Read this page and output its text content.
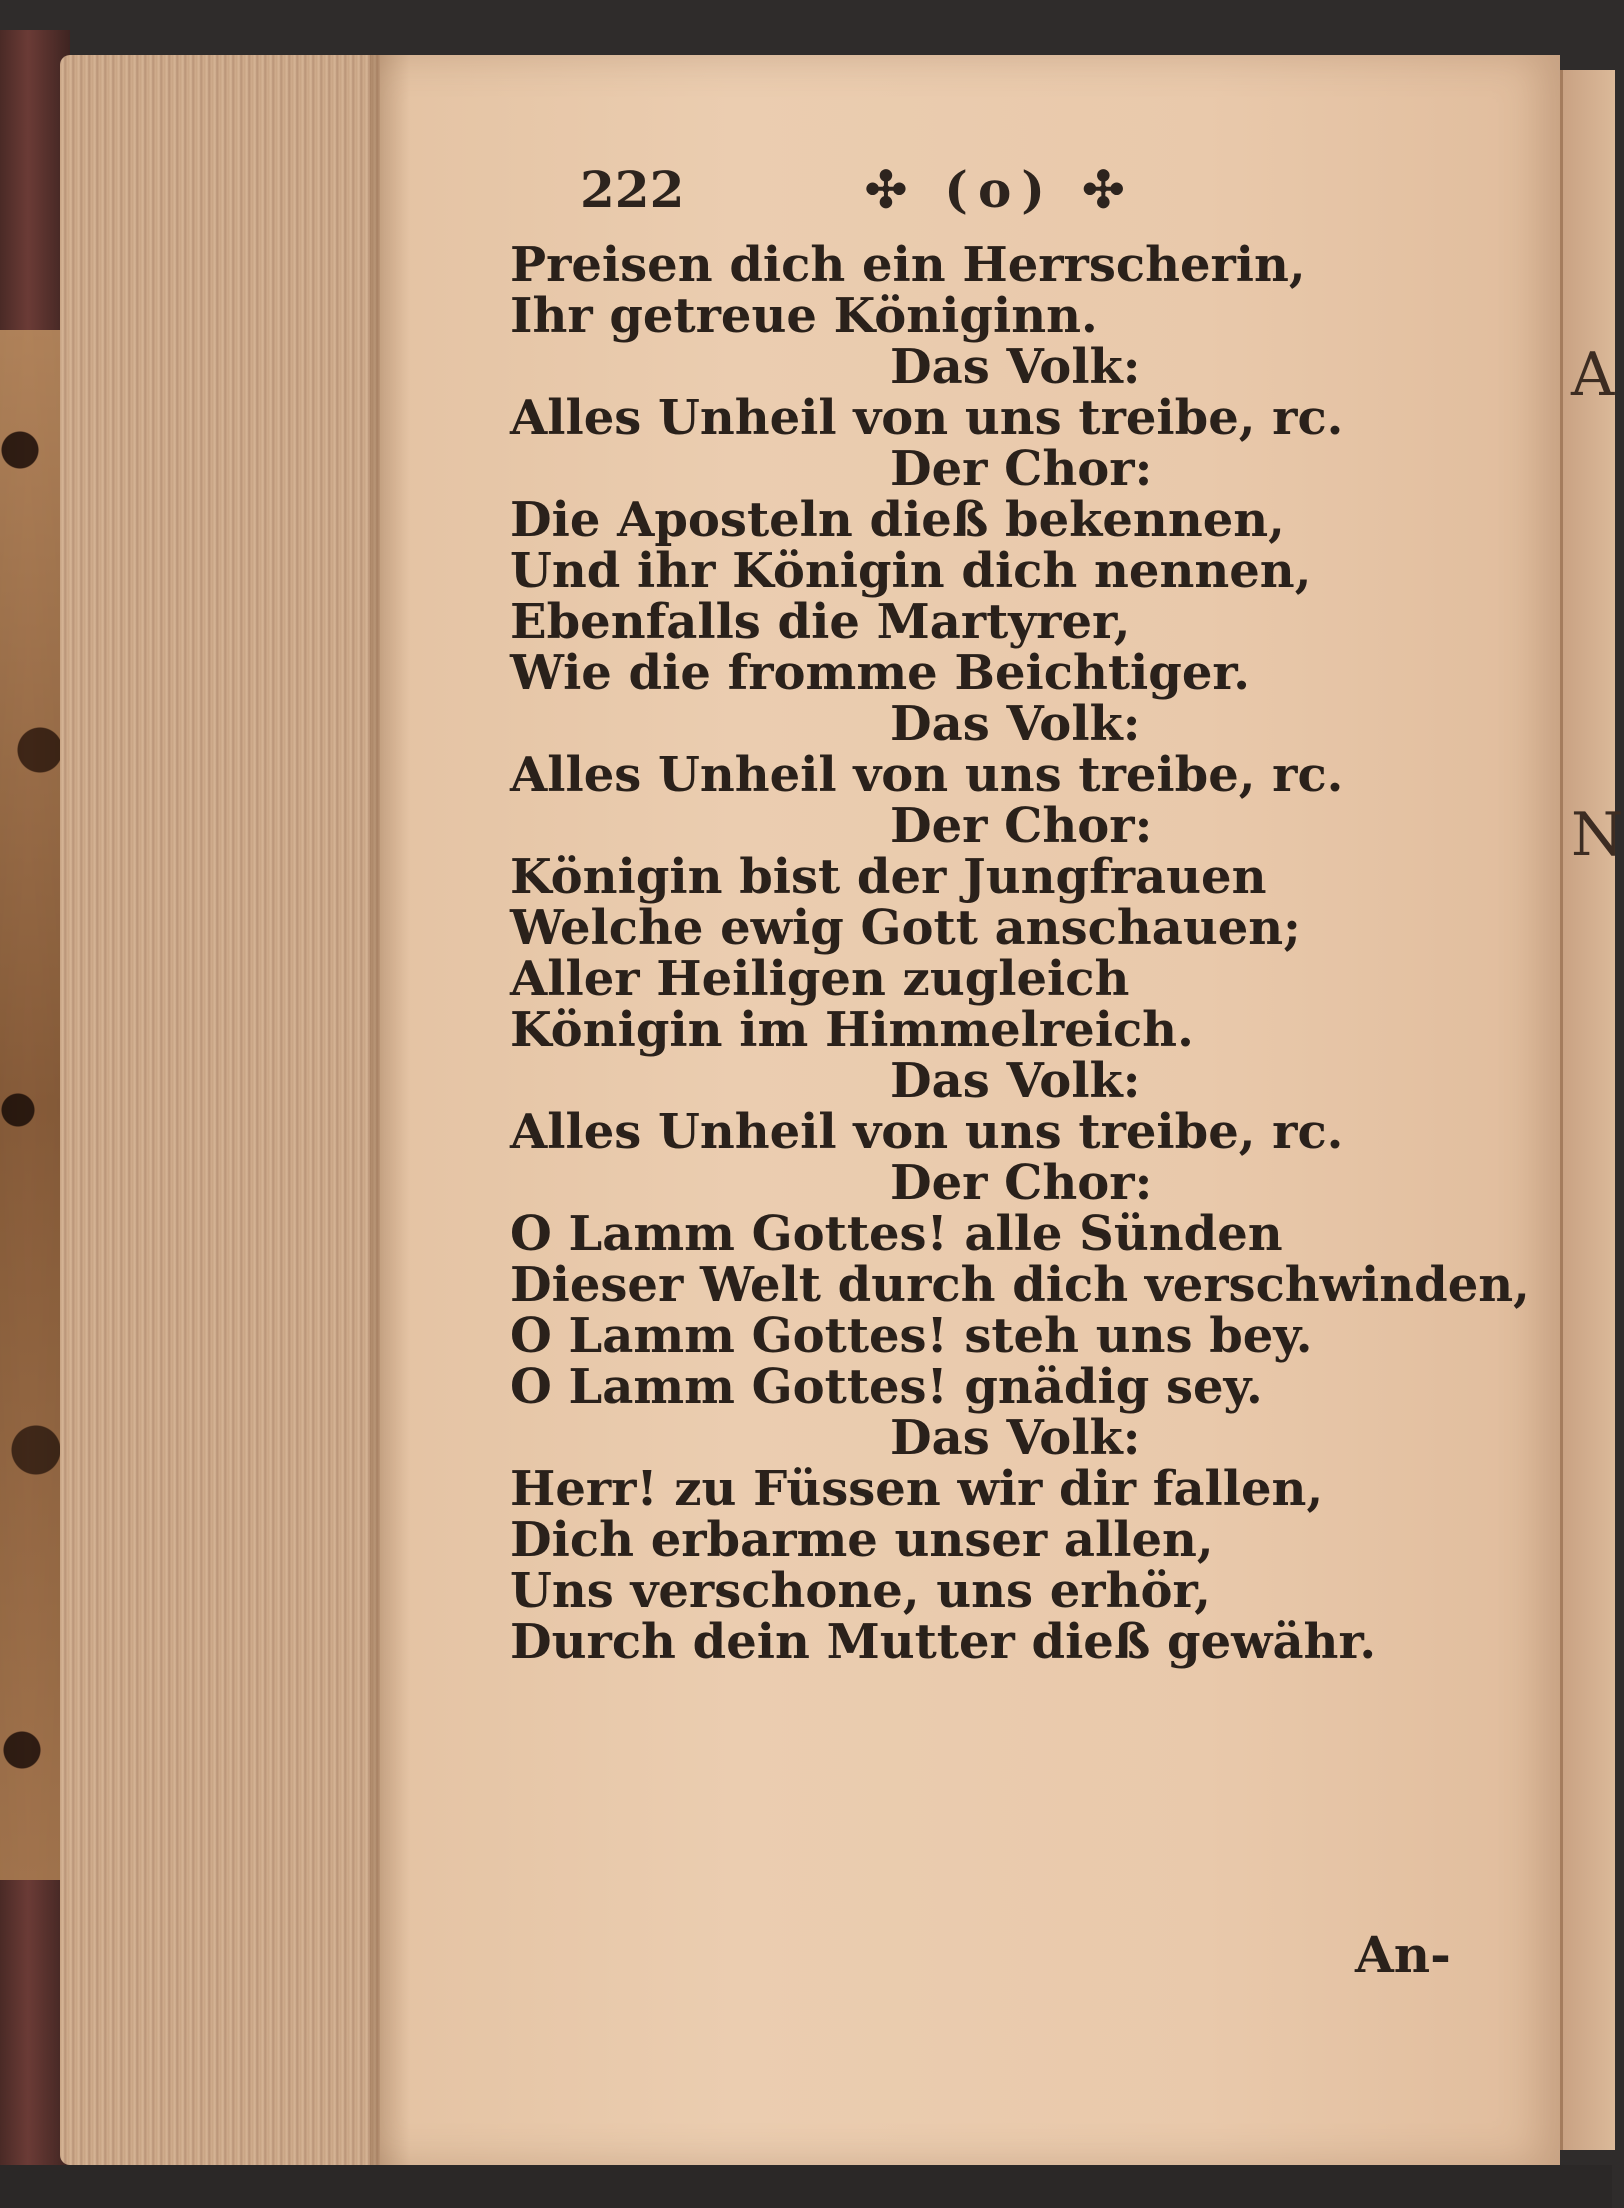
A
N
222	✣ (o) ✣
Preisen dich ein Herrscherin,
Ihr getreue Königinn.
Das Volk:
Alles Unheil von uns treibe, rc.
Der Chor:
Die Aposteln dieß bekennen,
Und ihr Königin dich nennen,
Ebenfalls die Martyrer,
Wie die fromme Beichtiger.
Das Volk:
Alles Unheil von uns treibe, rc.
Der Chor:
Königin bist der Jungfrauen
Welche ewig Gott anschauen;
Aller Heiligen zugleich
Königin im Himmelreich.
Das Volk:
Alles Unheil von uns treibe, rc.
Der Chor:
O Lamm Gottes! alle Sünden
Dieser Welt durch dich verschwinden,
O Lamm Gottes! steh uns bey.
O Lamm Gottes! gnädig sey.
Das Volk:
Herr! zu Füssen wir dir fallen,
Dich erbarme unser allen,
Uns verschone, uns erhör,
Durch dein Mutter dieß gewähr.
An-
